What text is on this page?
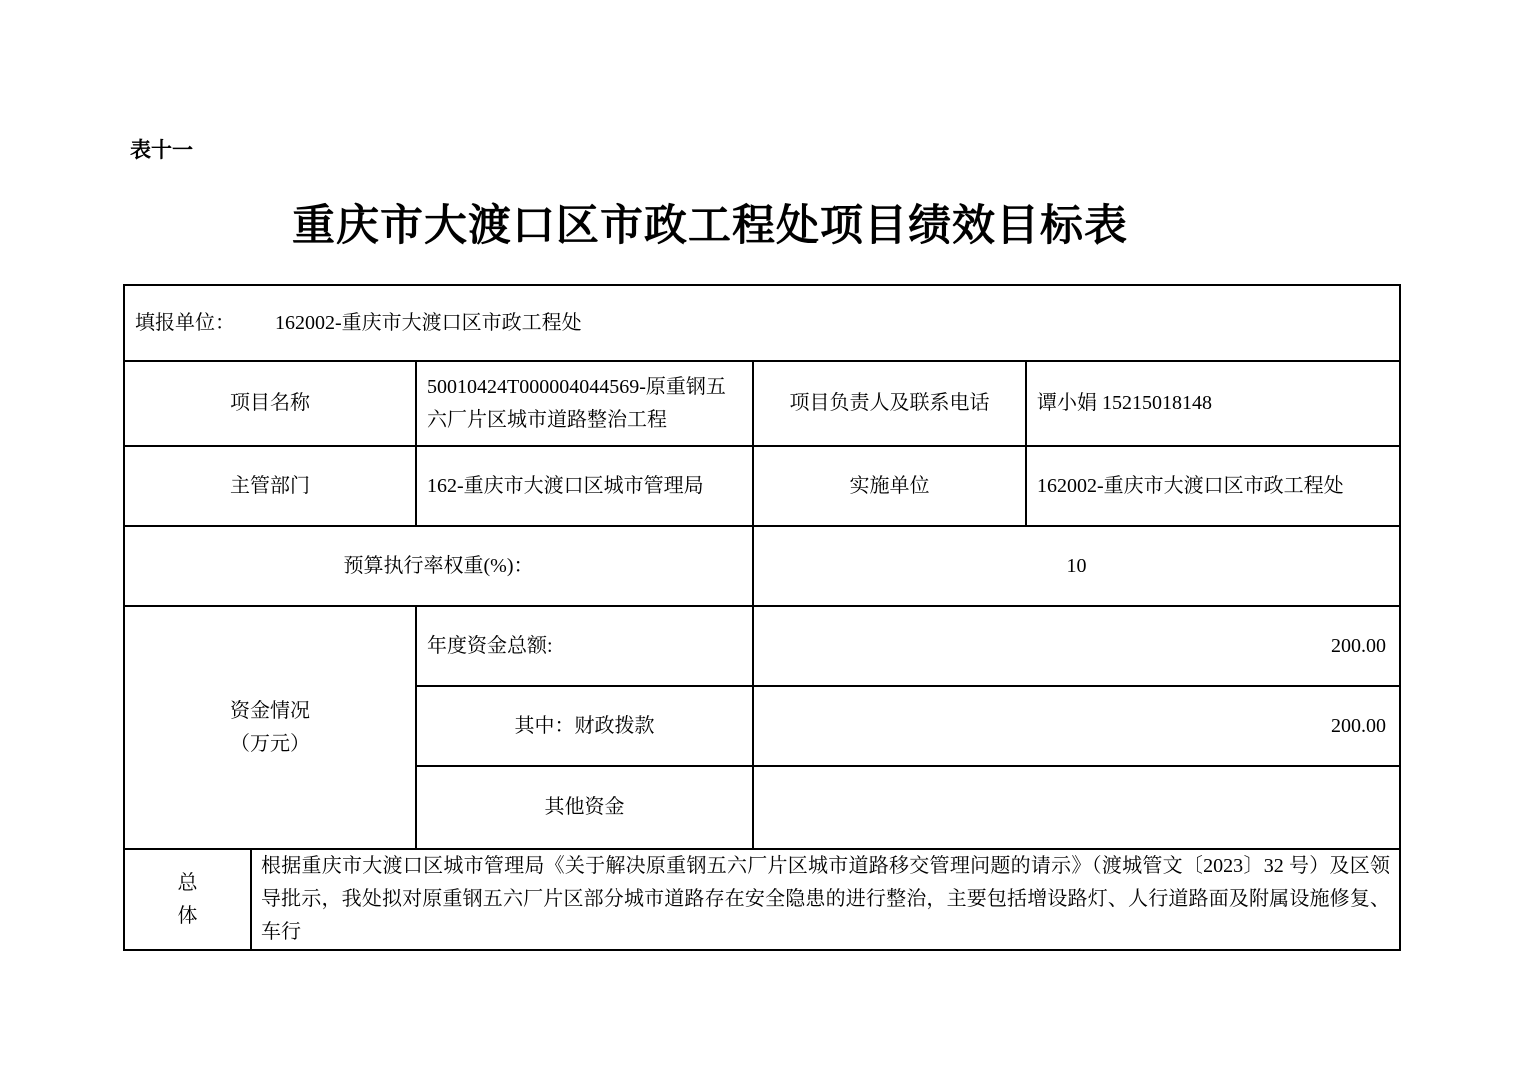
表十一
重庆市大渡口区市政工程处项目绩效目标表
填报单位： 162002-重庆市大渡口区市政工程处				
项目名称		50010424T000004044569-原重钢五六厂片区城市道路整治工程	项目负责人及联系电话	谭小娟 15215018148
主管部门		162-重庆市大渡口区城市管理局	实施单位	162002-重庆市大渡口区市政工程处
预算执行率权重(%)：			10	

资金情况
（万元）		年度资金总额:	200.00	
		其中：财政拨款	200.00	
		其他资金		

总
体	根据重庆市大渡口区城市管理局《关于解决原重钢五六厂片区城市道路移交管理问题的请示》（渡城管文〔2023〕32 号）及区领导批示，我处拟对原重钢五六厂片区部分城市道路存在安全隐患的进行整治，主要包括增设路灯、人行道路面及附属设施修复、车行			
